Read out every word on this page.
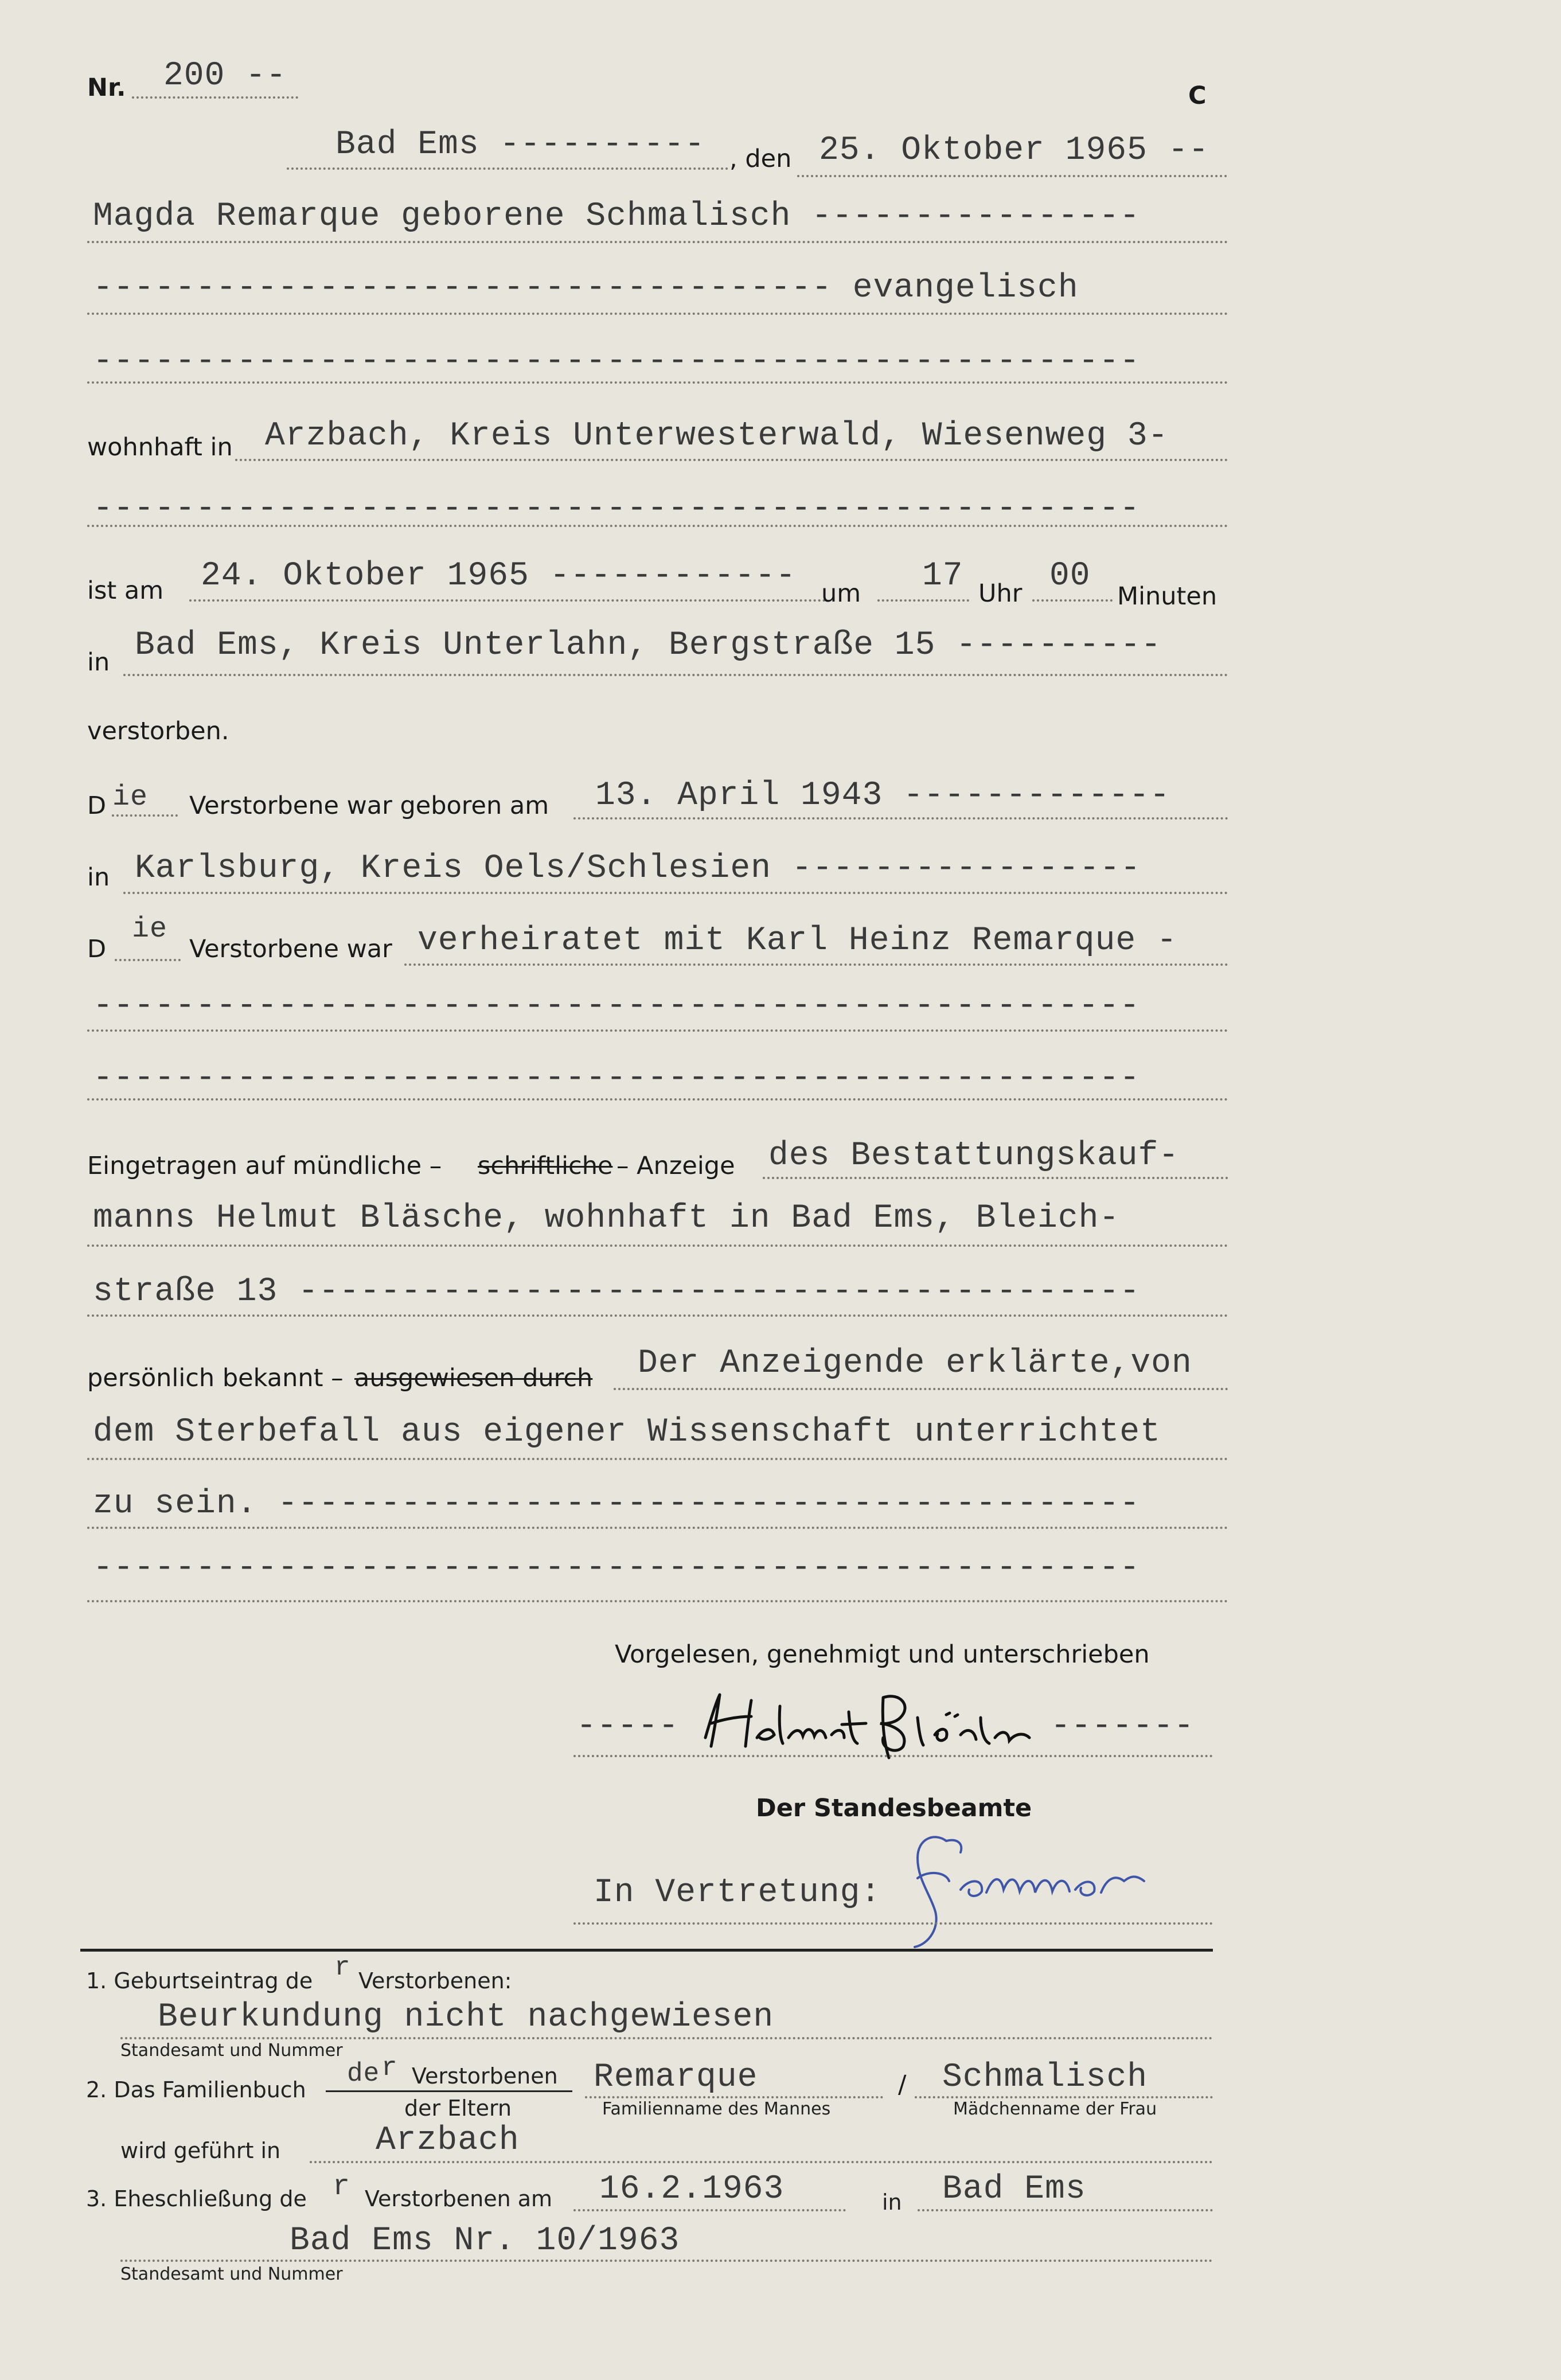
Nr. 200 --
C
Bad Ems ---------- , den 25. Oktober 1965 --
Magda Remarque geborene Schmalisch ----------------
------------------------------------ evangelisch
---------------------------------------------------
wohnhaft in Arzbach, Kreis Unterwesterwald, Wiesenweg 3-
---------------------------------------------------
ist am 24. Oktober 1965 ------------ um 17 Uhr 00
Minuten
in Bad Ems, Kreis Unterlahn, Bergstraße 15 ----------
verstorben.
D ie Verstorbene war geboren am 13. April 1943 -------------
in Karlsburg, Kreis Oels/Schlesien -----------------
D
ie
Verstorbene war verheiratet mit Karl Heinz Remarque -
---------------------------------------------------
---------------------------------------------------
Eingetragen auf mündliche – schriftliche – Anzeige des Bestattungskauf-
manns Helmut Bläsche, wohnhaft in Bad Ems, Bleich-
straße 13 -----------------------------------------
persönlich bekannt – ausgewiesen durch Der Anzeigende erklärte,von
dem Sterbefall aus eigener Wissenschaft unterrichtet
zu sein. ------------------------------------------
---------------------------------------------------
Vorgelesen, genehmigt und unterschrieben
-----	-------
Der Standesbeamte
In Vertretung:
1. Geburtseintrag de r Verstorbenen:
Beurkundung nicht nachgewiesen
Standesamt und Nummer
2. Das Familienbuch
de r Verstorbenen
der Eltern
Remarque
Familienname des Mannes
/ Schmalisch
Mädchenname der Frau
wird geführt in	Arzbach
3. Eheschließung de r Verstorbenen am 16.2.1963	in Bad Ems
Bad Ems Nr. 10/1963
Standesamt und Nummer
